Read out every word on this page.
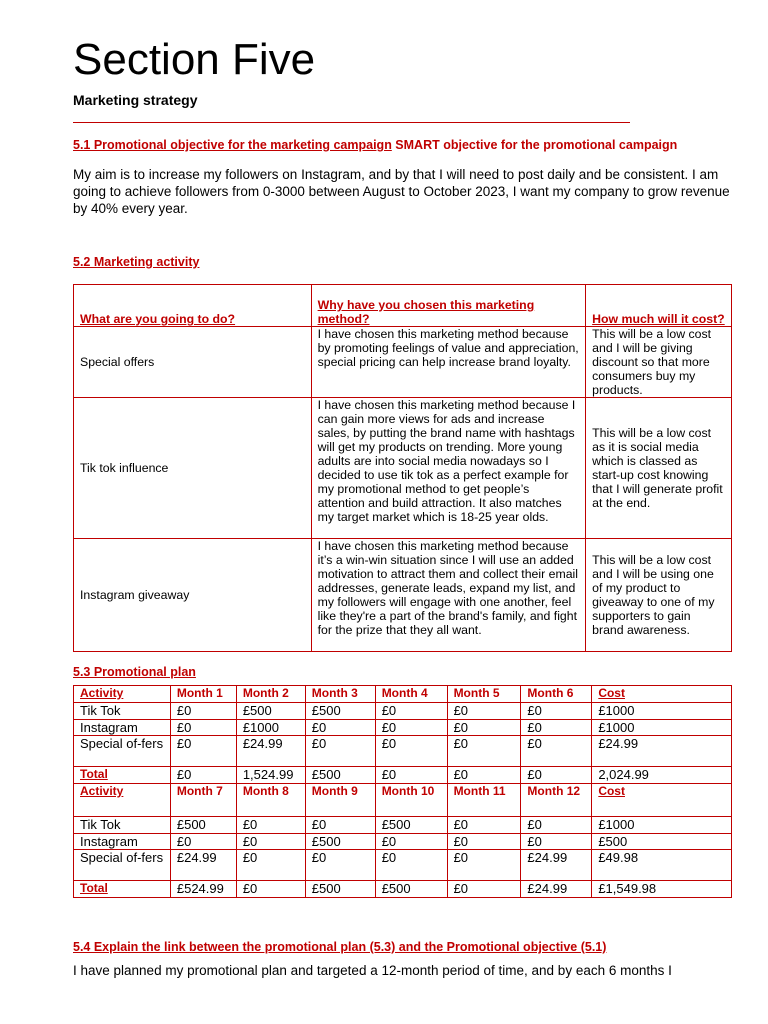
Section Five
Marketing strategy
5.1 Promotional objective for the marketing campaign SMART objective for the promotional campaign
My aim is to increase my followers on Instagram, and by that I will need to post daily and be consistent. I am going to achieve followers from 0-3000 between August to October 2023, I want my company to grow revenue by 40% every year.
5.2 Marketing activity
What are you going to do?	Why have you chosen this marketing method?	How much will it cost?
Special offers	I have chosen this marketing method because by promoting feelings of value and appreciation, special pricing can help increase brand loyalty.	This will be a low cost and I will be giving discount so that more consumers buy my products.
Tik tok influence	I have chosen this marketing method because I can gain more views for ads and increase sales, by putting the brand name with hashtags will get my products on trending. More young adults are into social media nowadays so I decided to use tik tok as a perfect example for my promotional method to get people’s attention and build attraction. It also matches my target market which is 18-25 year olds.	This will be a low cost as it is social media which is classed as start-up cost knowing that I will generate profit at the end.
Instagram giveaway	I have chosen this marketing method because it’s a win-win situation since I will use an added motivation to attract them and collect their email addresses, generate leads, expand my list, and my followers will engage with one another, feel like they're a part of the brand's family, and fight for the prize that they all want.	This will be a low cost and I will be using one of my product to giveaway to one of my supporters to gain brand awareness.
5.3 Promotional plan
Activity	Month 1	Month 2	Month 3	Month 4	Month 5	Month 6	Cost
Tik Tok	£0	£500	£500	£0	£0	£0	£1000
Instagram	£0	£1000	£0	£0	£0	£0	£1000
Special of-fers	£0	£24.99	£0	£0	£0	£0	£24.99
Total	£0	1,524.99	£500	£0	£0	£0	2,024.99
Activity	Month 7	Month 8	Month 9	Month 10	Month 11	Month 12	Cost
Tik Tok	£500	£0	£0	£500	£0	£0	£1000
Instagram	£0	£0	£500	£0	£0	£0	£500
Special of-fers	£24.99	£0	£0	£0	£0	£24.99	£49.98
Total	£524.99	£0	£500	£500	£0	£24.99	£1,549.98
5.4 Explain the link between the promotional plan (5.3) and the Promotional objective (5.1)
I have planned my promotional plan and targeted a 12-month period of time, and by each 6 months I
